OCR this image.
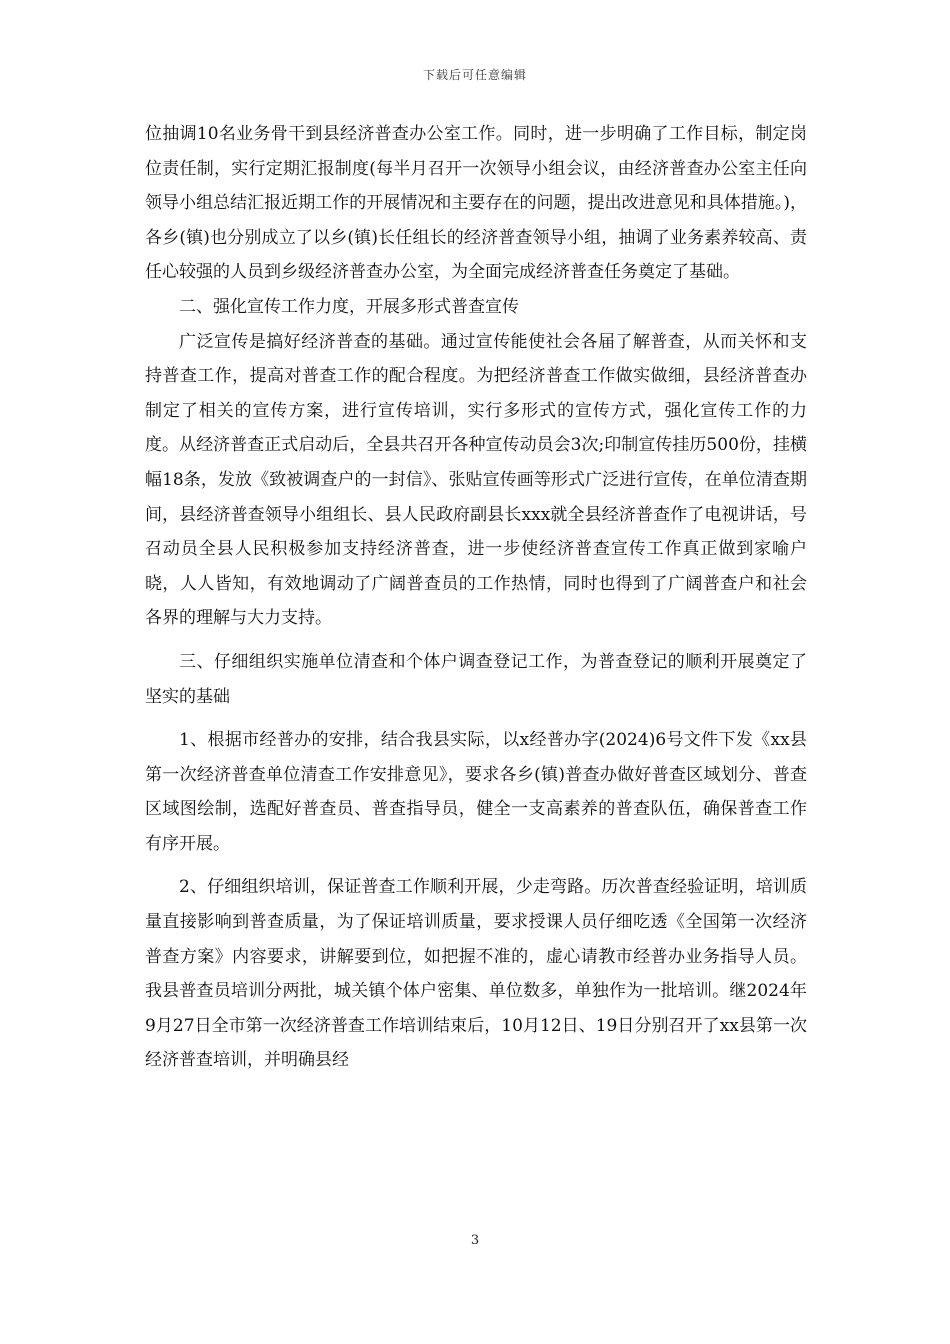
下载后可任意编辑

位抽调10名业务骨干到县经济普查办公室工作。同时，进一步明确了工作目标，制定岗位责任制，实行定期汇报制度(每半月召开一次领导小组会议，由经济普查办公室主任向领导小组总结汇报近期工作的开展情况和主要存在的问题，提出改进意见和具体措施。)，各乡(镇)也分别成立了以乡(镇)长任组长的经济普查领导小组，抽调了业务素养较高、责任心较强的人员到乡级经济普查办公室，为全面完成经济普查任务奠定了基础。

二、强化宣传工作力度，开展多形式普查宣传

广泛宣传是搞好经济普查的基础。通过宣传能使社会各届了解普查，从而关怀和支持普查工作，提高对普查工作的配合程度。为把经济普查工作做实做细，县经济普查办制定了相关的宣传方案，进行宣传培训，实行多形式的宣传方式，强化宣传工作的力度。从经济普查正式启动后，全县共召开各种宣传动员会3次;印制宣传挂历500份，挂横幅18条，发放《致被调查户的一封信》、张贴宣传画等形式广泛进行宣传，在单位清查期间，县经济普查领导小组组长、县人民政府副县长xxx就全县经济普查作了电视讲话，号召动员全县人民积极参加支持经济普查，进一步使经济普查宣传工作真正做到家喻户晓，人人皆知，有效地调动了广阔普查员的工作热情，同时也得到了广阔普查户和社会各界的理解与大力支持。

三、仔细组织实施单位清查和个体户调查登记工作，为普查登记的顺利开展奠定了坚实的基础

1、根据市经普办的安排，结合我县实际，以x经普办字(2024)6号文件下发《xx县第一次经济普查单位清查工作安排意见》，要求各乡(镇)普查办做好普查区域划分、普查区域图绘制，选配好普查员、普查指导员，健全一支高素养的普查队伍，确保普查工作有序开展。

2、仔细组织培训，保证普查工作顺利开展，少走弯路。历次普查经验证明，培训质量直接影响到普查质量，为了保证培训质量，要求授课人员仔细吃透《全国第一次经济普查方案》内容要求，讲解要到位，如把握不准的，虚心请教市经普办业务指导人员。我县普查员培训分两批，城关镇个体户密集、单位数多，单独作为一批培训。继2024年9月27日全市第一次经济普查工作培训结束后，10月12日、19日分别召开了xx县第一次经济普查培训，并明确县经

3
